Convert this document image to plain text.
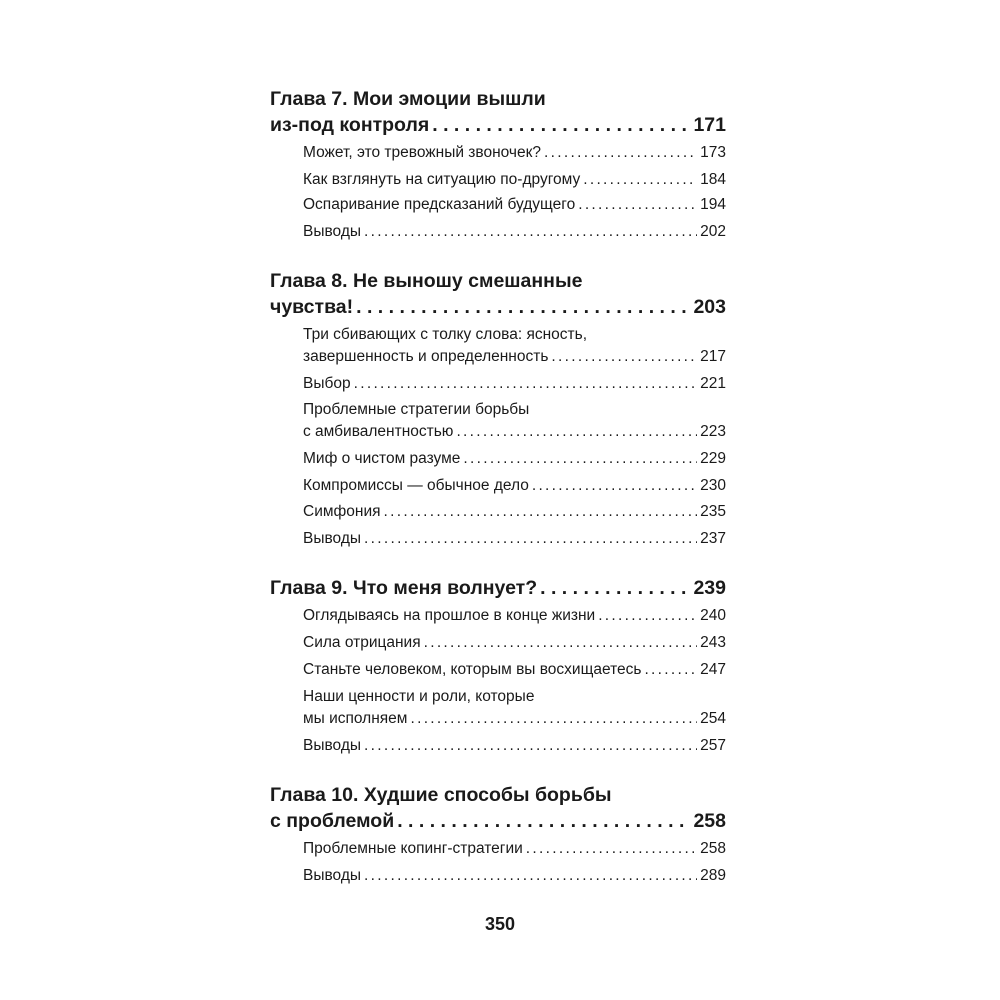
Глава 7. Мои эмоции вышли
из-под контроля . . .	171
Может, это тревожный звоночек? . . .	173
Как взглянуть на ситуацию по-другому . . .	184
Оспаривание предсказаний будущего . . .	194
Выводы . . .	202
Глава 8. Не выношу смешанные
чувства! . . .	203
Три сбивающих с толку слова: ясность,
завершенность и определенность . . .	217
Выбор . . .	221
Проблемные стратегии борьбы
с амбивалентностью . . .	223
Миф о чистом разуме . . .	229
Компромиссы — обычное дело . . .	230
Симфония . . .	235
Выводы . . .	237
Глава 9. Что меня волнует? . . .	239
Оглядываясь на прошлое в конце жизни . . .	240
Сила отрицания . . .	243
Станьте человеком, которым вы восхищаетесь . . .	247
Наши ценности и роли, которые
мы исполняем . . .	254
Выводы . . .	257
Глава 10. Худшие способы борьбы
с проблемой . . .	258
Проблемные копинг-стратегии . . .	258
Выводы . . .	289
350
